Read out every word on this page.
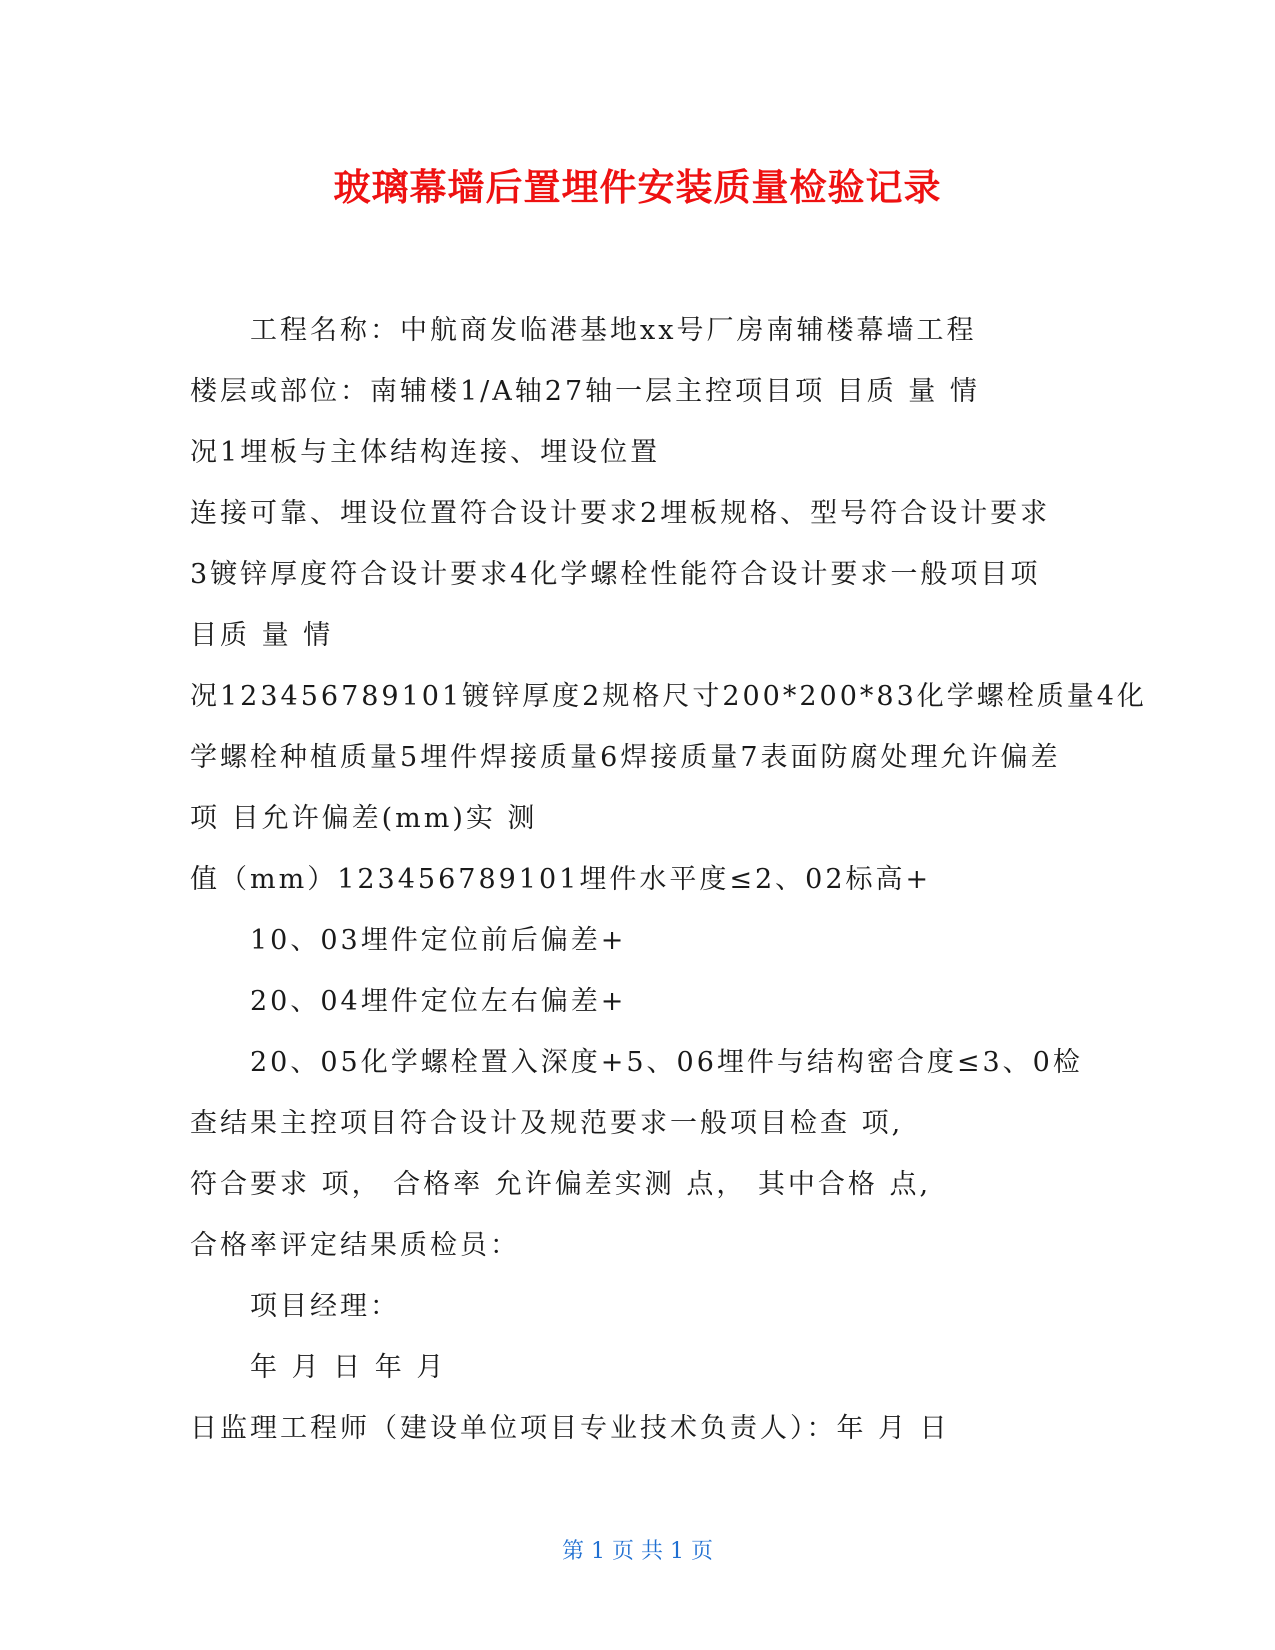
玻璃幕墙后置埋件安装质量检验记录
工程名称：中航商发临港基地xx号厂房南辅楼幕墙工程
楼层或部位：南辅楼1/A轴27轴一层主控项目项 目质 量 情
况1埋板与主体结构连接、埋设位置
连接可靠、埋设位置符合设计要求2埋板规格、型号符合设计要求
3镀锌厚度符合设计要求4化学螺栓性能符合设计要求一般项目项
目质 量 情
况123456789101镀锌厚度2规格尺寸200*200*83化学螺栓质量4化
学螺栓种植质量5埋件焊接质量6焊接质量7表面防腐处理允许偏差
项 目允许偏差(mm)实 测
值（mm）123456789101埋件水平度≤2、02标高+
10、03埋件定位前后偏差+
20、04埋件定位左右偏差+
20、05化学螺栓置入深度+5、06埋件与结构密合度≤3、0检
查结果主控项目符合设计及规范要求一般项目检查 项,
符合要求 项， 合格率 允许偏差实测 点， 其中合格 点,
合格率评定结果质检员：
项目经理：
年 月 日 年 月
日监理工程师（建设单位项目专业技术负责人）：年 月 日
第 1 页 共 1 页
